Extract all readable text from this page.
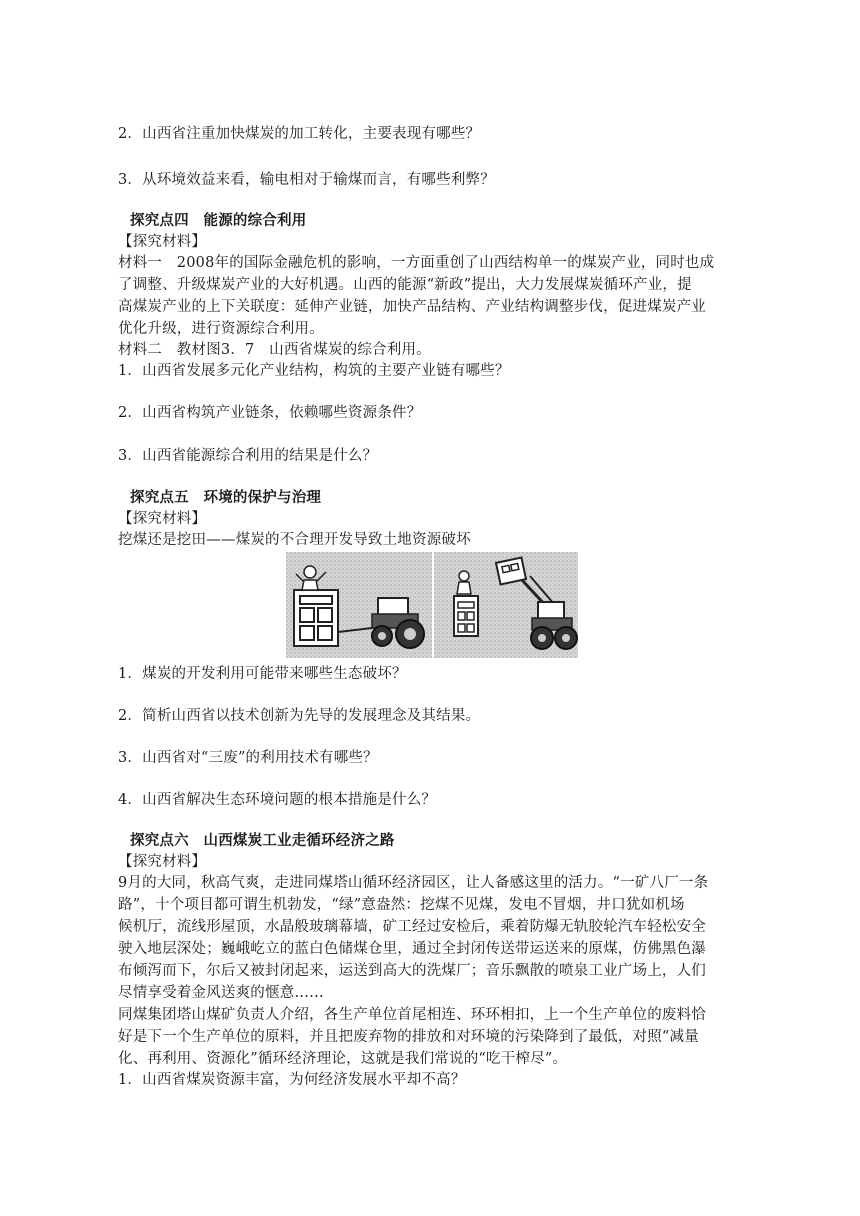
2．山西省注重加快煤炭的加工转化，主要表现有哪些？
3．从环境效益来看，输电相对于输煤而言，有哪些利弊？
探究点四　能源的综合利用
【探究材料】
材料一　2008年的国际金融危机的影响，一方面重创了山西结构单一的煤炭产业，同时也成
了调整、升级煤炭产业的大好机遇。山西的能源“新政”提出，大力发展煤炭循环产业，提
高煤炭产业的上下关联度：延伸产业链，加快产品结构、产业结构调整步伐，促进煤炭产业
优化升级，进行资源综合利用。
材料二　教材图3．7　山西省煤炭的综合利用。
1．山西省发展多元化产业结构，构筑的主要产业链有哪些？
2．山西省构筑产业链条，依赖哪些资源条件？
3．山西省能源综合利用的结果是什么？
探究点五　环境的保护与治理
【探究材料】
挖煤还是挖田——煤炭的不合理开发导致土地资源破坏
1．煤炭的开发利用可能带来哪些生态破坏？
2．简析山西省以技术创新为先导的发展理念及其结果。
3．山西省对“三废”的利用技术有哪些？
4．山西省解决生态环境问题的根本措施是什么？
探究点六　山西煤炭工业走循环经济之路
【探究材料】
9月的大同，秋高气爽，走进同煤塔山循环经济园区，让人备感这里的活力。“一矿八厂一条
路”，十个项目都可谓生机勃发，“绿”意盎然：挖煤不见煤，发电不冒烟，井口犹如机场
候机厅，流线形屋顶，水晶般玻璃幕墙，矿工经过安检后，乘着防爆无轨胶轮汽车轻松安全
驶入地层深处；巍峨屹立的蓝白色储煤仓里，通过全封闭传送带运送来的原煤，仿佛黑色瀑
布倾泻而下，尔后又被封闭起来，运送到高大的洗煤厂；音乐飘散的喷泉工业广场上，人们
尽情享受着金风送爽的惬意……
同煤集团塔山煤矿负责人介绍，各生产单位首尾相连、环环相扣，上一个生产单位的废料恰
好是下一个生产单位的原料，并且把废弃物的排放和对环境的污染降到了最低，对照“减量
化、再利用、资源化”循环经济理论，这就是我们常说的“吃干榨尽”。
1．山西省煤炭资源丰富，为何经济发展水平却不高？
